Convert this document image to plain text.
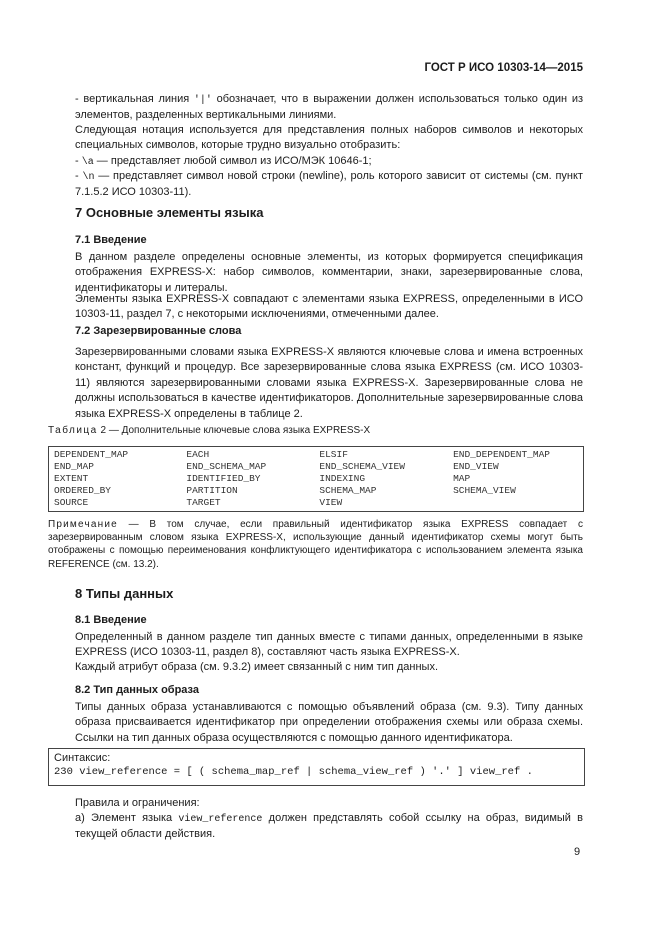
ГОСТ Р ИСО 10303-14—2015

- вертикальная линия '|' обозначает, что в выражении должен использоваться только один из элементов, разделенных вертикальными линиями.

Следующая нотация используется для представления полных наборов символов и некоторых специальных символов, которые трудно визуально отобразить:

- \a — представляет любой символ из ИСО/МЭК 10646-1;

- \n — представляет символ новой строки (newline), роль которого зависит от системы (см. пункт 7.1.5.2 ИСО 10303-11).

7 Основные элементы языка
7.1 Введение

В данном разделе определены основные элементы, из которых формируется спецификация отображения EXPRESS-X: набор символов, комментарии, знаки, зарезервированные слова, идентификаторы и литералы.

Элементы языка EXPRESS-X совпадают с элементами языка EXPRESS, определенными в ИСО 10303-11, раздел 7, с некоторыми исключениями, отмеченными далее.

7.2 Зарезервированные слова

Зарезервированными словами языка EXPRESS-X являются ключевые слова и имена встроенных констант, функций и процедур. Все зарезервированные слова языка EXPRESS (см. ИСО 10303-11) являются зарезервированными словами языка EXPRESS-X. Зарезервированные слова не должны использоваться в качестве идентификаторов. Дополнительные зарезервированные слова языка EXPRESS-X определены в таблице 2.

Таблица 2 — Дополнительные ключевые слова языка EXPRESS-X
DEPENDENT_MAP	EACH	ELSIF	END_DEPENDENT_MAP
END_MAP	END_SCHEMA_MAP	END_SCHEMA_VIEW	END_VIEW
EXTENT	IDENTIFIED_BY	INDEXING	MAP
ORDERED_BY	PARTITION	SCHEMA_MAP	SCHEMA_VIEW
SOURCE	TARGET	VIEW	

Примечание — В том случае, если правильный идентификатор языка EXPRESS совпадает с зарезервированным словом языка EXPRESS-X, использующие данный идентификатор схемы могут быть отображены с помощью переименования конфликтующего идентификатора с использованием элемента языка REFERENCE (см. 13.2).

8 Типы данных
8.1 Введение

Определенный в данном разделе тип данных вместе с типами данных, определенными в языке EXPRESS (ИСО 10303-11, раздел 8), составляют часть языка EXPRESS-X.

Каждый атрибут образа (см. 9.3.2) имеет связанный с ним тип данных.

8.2 Тип данных образа

Типы данных образа устанавливаются с помощью объявлений образа (см. 9.3). Типу данных образа присваивается идентификатор при определении отображения схемы или образа схемы. Ссылки на тип данных образа осуществляются с помощью данного идентификатора.

Синтаксис:
230 view_reference = [ ( schema_map_ref | schema_view_ref ) '.' ] view_ref .

Правила и ограничения:

а) Элемент языка view_reference должен представлять собой ссылку на образ, видимый в текущей области действия.

9
